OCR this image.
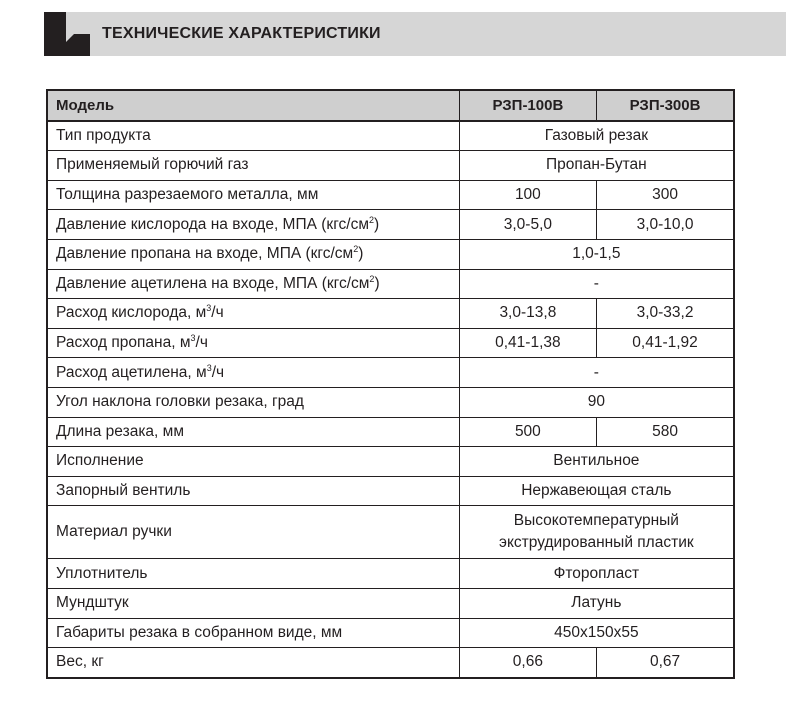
ТЕХНИЧЕСКИЕ ХАРАКТЕРИСТИКИ
Модель	РЗП-100В	РЗП-300В
Тип продукта	Газовый резак	
Применяемый горючий газ	Пропан-Бутан	
Толщина разрезаемого металла, мм	100	300
Давление кислорода на входе, МПА $(кгс/см^2)$	3,0-5,0	3,0-10,0
Давление пропана на входе, МПА $(кгс/см^2)$	1,0-1,5	
Давление ацетилена на входе, МПА $(кгс/см^2)$	-	
Расход кислорода, $м^3/ч$	3,0-13,8	3,0-33,2
Расход пропана, $м^3/ч$	0,41-1,38	0,41-1,92
Расход ацетилена, $м^3/ч$	-	
Угол наклона головки резака, град	90	
Длина резака, мм	500	580
Исполнение	Вентильное	
Запорный вентиль	Нержавеющая сталь	
Материал ручки	Высокотемпературный
экструдированный пластик	
Уплотнитель	Фторопласт	
Мундштук	Латунь	
Габариты резака в собранном виде, мм	450х150х55	
Вес, кг	0,66	0,67
